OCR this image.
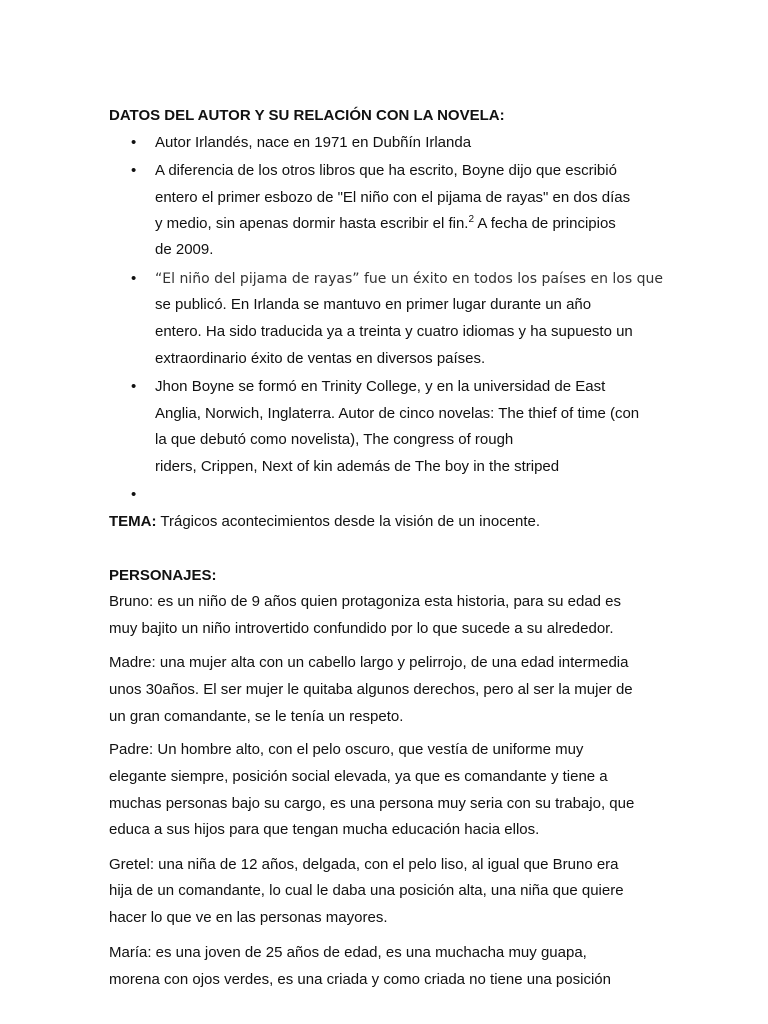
DATOS DEL AUTOR Y SU RELACIÓN CON LA NOVELA:
• Autor Irlandés, nace en 1971 en Dubñín Irlanda
• A diferencia de los otros libros que ha escrito, Boyne dijo que escribió
entero el primer esbozo de "El niño con el pijama de rayas" en dos días
y medio, sin apenas dormir hasta escribir el fin.$^2$ A fecha de principios
de 2009.
• “El niño del pijama de rayas” fue un éxito en todos los países en los que
se publicó. En Irlanda se mantuvo en primer lugar durante un año
entero. Ha sido traducida ya a treinta y cuatro idiomas y ha supuesto un
extraordinario éxito de ventas en diversos países.
• Jhon Boyne se formó en Trinity College, y en la universidad de East
Anglia, Norwich, Inglaterra. Autor de cinco novelas: The thief of time (con
la que debutó como novelista), The congress of rough
riders, Crippen, Next of kin además de The boy in the striped
•
TEMA: Trágicos acontecimientos desde la visión de un inocente.
PERSONAJES:
Bruno: es un niño de 9 años quien protagoniza esta historia, para su edad es
muy bajito un niño introvertido confundido por lo que sucede a su alrededor.
Madre: una mujer alta con un cabello largo y pelirrojo, de una edad intermedia
unos 30años. El ser mujer le quitaba algunos derechos, pero al ser la mujer de
un gran comandante, se le tenía un respeto.
Padre: Un hombre alto, con el pelo oscuro, que vestía de uniforme muy
elegante siempre, posición social elevada, ya que es comandante y tiene a
muchas personas bajo su cargo, es una persona muy seria con su trabajo, que
educa a sus hijos para que tengan mucha educación hacia ellos.
Gretel: una niña de 12 años, delgada, con el pelo liso, al igual que Bruno era
hija de un comandante, lo cual le daba una posición alta, una niña que quiere
hacer lo que ve en las personas mayores.
María: es una joven de 25 años de edad, es una muchacha muy guapa,
morena con ojos verdes, es una criada y como criada no tiene una posición
